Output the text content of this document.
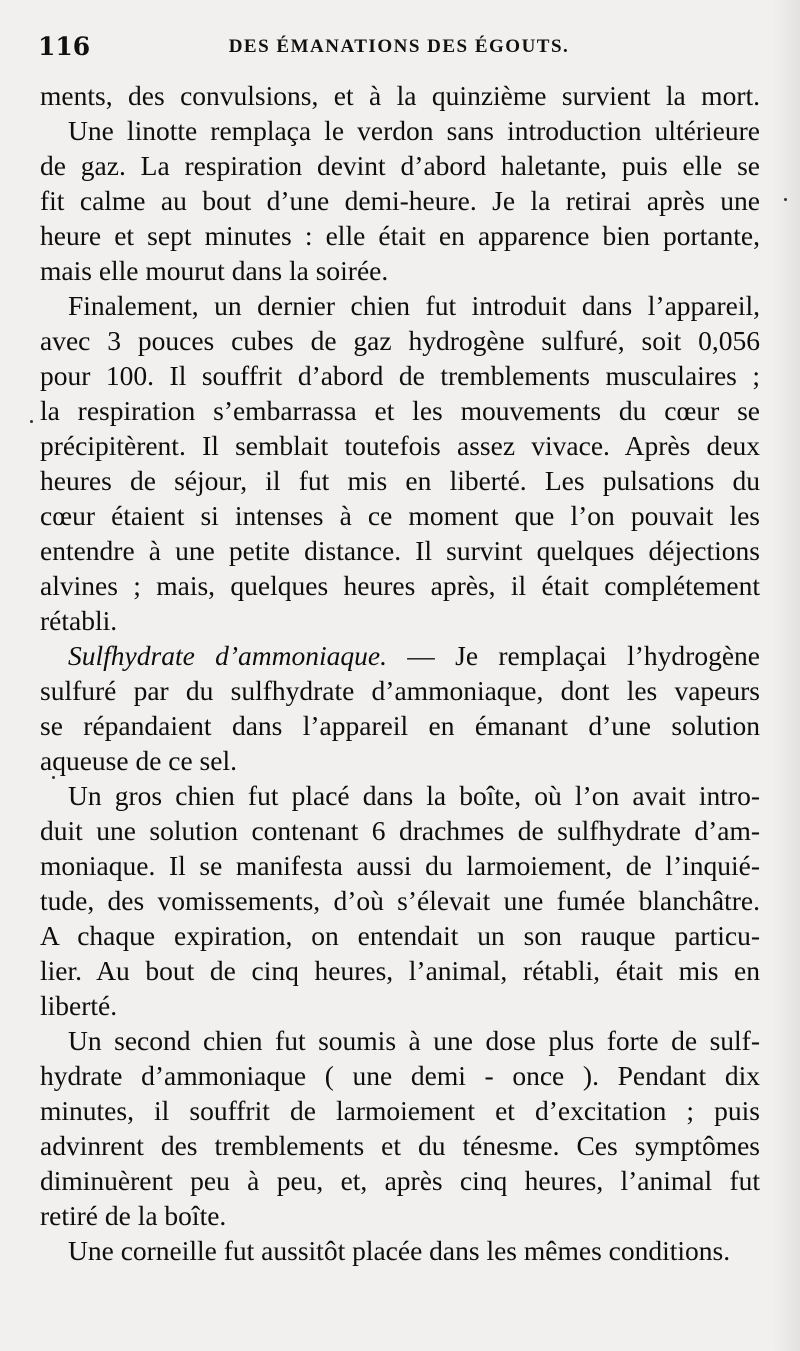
116	DES ÉMANATIONS DES ÉGOUTS.
ments, des convulsions, et à la quinzième survient la mort.
Une linotte remplaça le verdon sans introduction ultérieure
de gaz. La respiration devint d’abord haletante, puis elle se
fit calme au bout d’une demi-heure. Je la retirai après une
heure et sept minutes : elle était en apparence bien portante,
mais elle mourut dans la soirée.
Finalement, un dernier chien fut introduit dans l’appareil,
avec 3 pouces cubes de gaz hydrogène sulfuré, soit 0,056
pour 100. Il souffrit d’abord de tremblements musculaires ;
la respiration s’embarrassa et les mouvements du cœur se
précipitèrent. Il semblait toutefois assez vivace. Après deux
heures de séjour, il fut mis en liberté. Les pulsations du
cœur étaient si intenses à ce moment que l’on pouvait les
entendre à une petite distance. Il survint quelques déjections
alvines ; mais, quelques heures après, il était complétement
rétabli.
Sulfhydrate d’ammoniaque. — Je remplaçai l’hydrogène
sulfuré par du sulfhydrate d’ammoniaque, dont les vapeurs
se répandaient dans l’appareil en émanant d’une solution
aqueuse de ce sel.
Un gros chien fut placé dans la boîte, où l’on avait intro-
duit une solution contenant 6 drachmes de sulfhydrate d’am-
moniaque. Il se manifesta aussi du larmoiement, de l’inquié-
tude, des vomissements, d’où s’élevait une fumée blanchâtre.
A chaque expiration, on entendait un son rauque particu-
lier. Au bout de cinq heures, l’animal, rétabli, était mis en
liberté.
Un second chien fut soumis à une dose plus forte de sulf-
hydrate d’ammoniaque ( une demi - once ). Pendant dix
minutes, il souffrit de larmoiement et d’excitation ; puis
advinrent des tremblements et du ténesme. Ces symptômes
diminuèrent peu à peu, et, après cinq heures, l’animal fut
retiré de la boîte.
Une corneille fut aussitôt placée dans les mêmes conditions.
